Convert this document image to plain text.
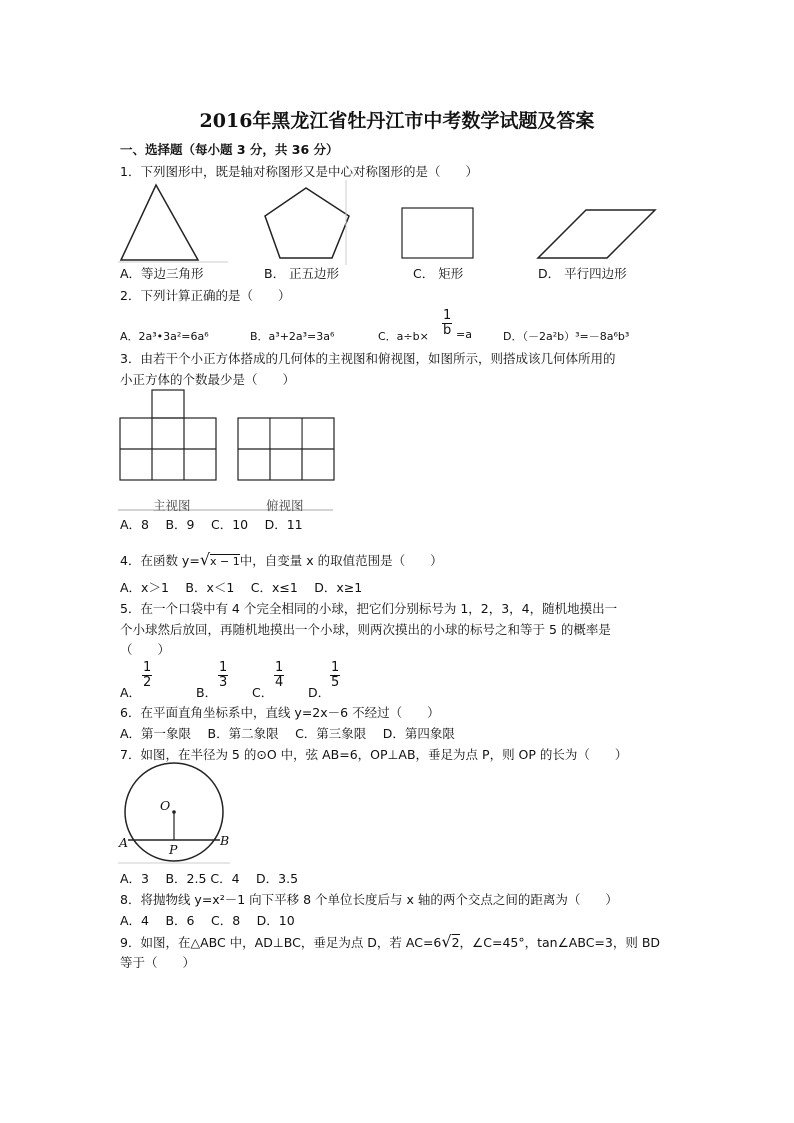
2016年黑龙江省牡丹江市中考数学试题及答案
一、选择题（每小题 3 分，共 36 分）
1．下列图形中，既是轴对称图形又是中心对称图形的是（　　）
A．等边三角形	B． 正五边形	C． 矩形	D． 平行四边形
2．下列计算正确的是（　　）
A．2a³•3a²=6a⁶	B．a³+2a³=3a⁶	C．$a\div b\times \frac{1}{b} =a$	D．（－2a²b）³=－8a⁶b³
3．由若干个小正方体搭成的几何体的主视图和俯视图，如图所示，则搭成该几何体所用的
小正方体的个数最少是（　　）
主视图	俯视图
A．8　 B．9　 C．10　 D．11
4．在函数 y=√x − 1中，自变量 x 的取值范围是（　　）
A．x＞1　 B．x＜1　 C．x≤1　 D．x≥1
5．在一个口袋中有 4 个完全相同的小球，把它们分别标号为 1，2，3，4，随机地摸出一
个小球然后放回，再随机地摸出一个小球，则两次摸出的小球的标号之和等于 5 的概率是
（　　）
A．
$\frac{1}{2}$
B．
$\frac{1}{3}$
C．
$\frac{1}{4}$
D．
$\frac{1}{5}$
6．在平面直角坐标系中，直线 y=2x－6 不经过（　　）
A．第一象限　 B．第二象限　 C．第三象限　 D．第四象限
7．如图，在半径为 5 的⊙O 中，弦 AB=6，OP⊥AB，垂足为点 P，则 OP 的长为（　　）
O
A	B
P
A．3　 B．2.5 C．4　 D．3.5
8．将抛物线 y=x²－1 向下平移 8 个单位长度后与 x 轴的两个交点之间的距离为（　　）
A．4　 B．6　 C．8　 D．10
9．如图，在△ABC 中，AD⊥BC，垂足为点 D，若 AC=6√2，∠C=45°，tan∠ABC=3，则 BD
等于（　　）
